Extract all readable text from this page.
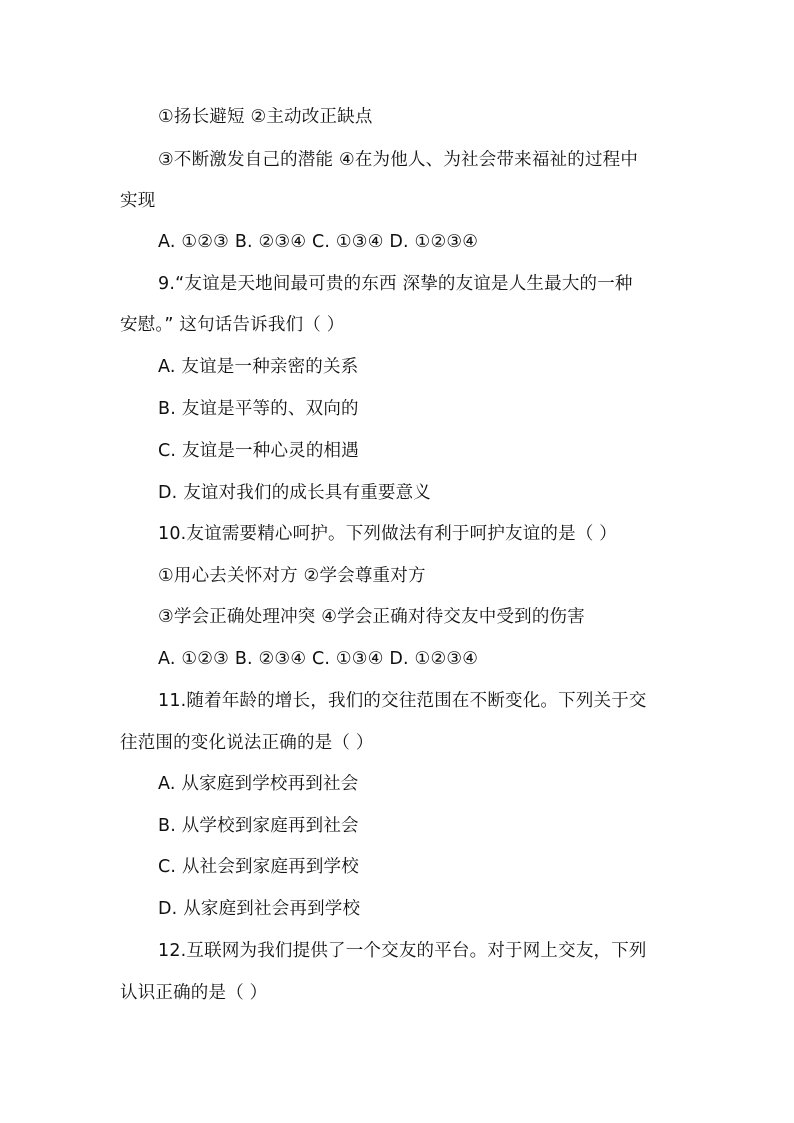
①扬长避短 ②主动改正缺点
③不断激发自己的潜能 ④在为他人、为社会带来福祉的过程中
实现
A. ①②③ B. ②③④ C. ①③④ D. ①②③④
9.“友谊是天地间最可贵的东西 深挚的友谊是人生最大的一种
安慰。” 这句话告诉我们（ ）
A. 友谊是一种亲密的关系
B. 友谊是平等的、双向的
C. 友谊是一种心灵的相遇
D. 友谊对我们的成长具有重要意义
10.友谊需要精心呵护。下列做法有利于呵护友谊的是（ ）
①用心去关怀对方 ②学会尊重对方
③学会正确处理冲突 ④学会正确对待交友中受到的伤害
A. ①②③ B. ②③④ C. ①③④ D. ①②③④
11.随着年龄的增长，我们的交往范围在不断变化。下列关于交
往范围的变化说法正确的是（ ）
A. 从家庭到学校再到社会
B. 从学校到家庭再到社会
C. 从社会到家庭再到学校
D. 从家庭到社会再到学校
12.互联网为我们提供了一个交友的平台。对于网上交友，下列
认识正确的是（ ）
